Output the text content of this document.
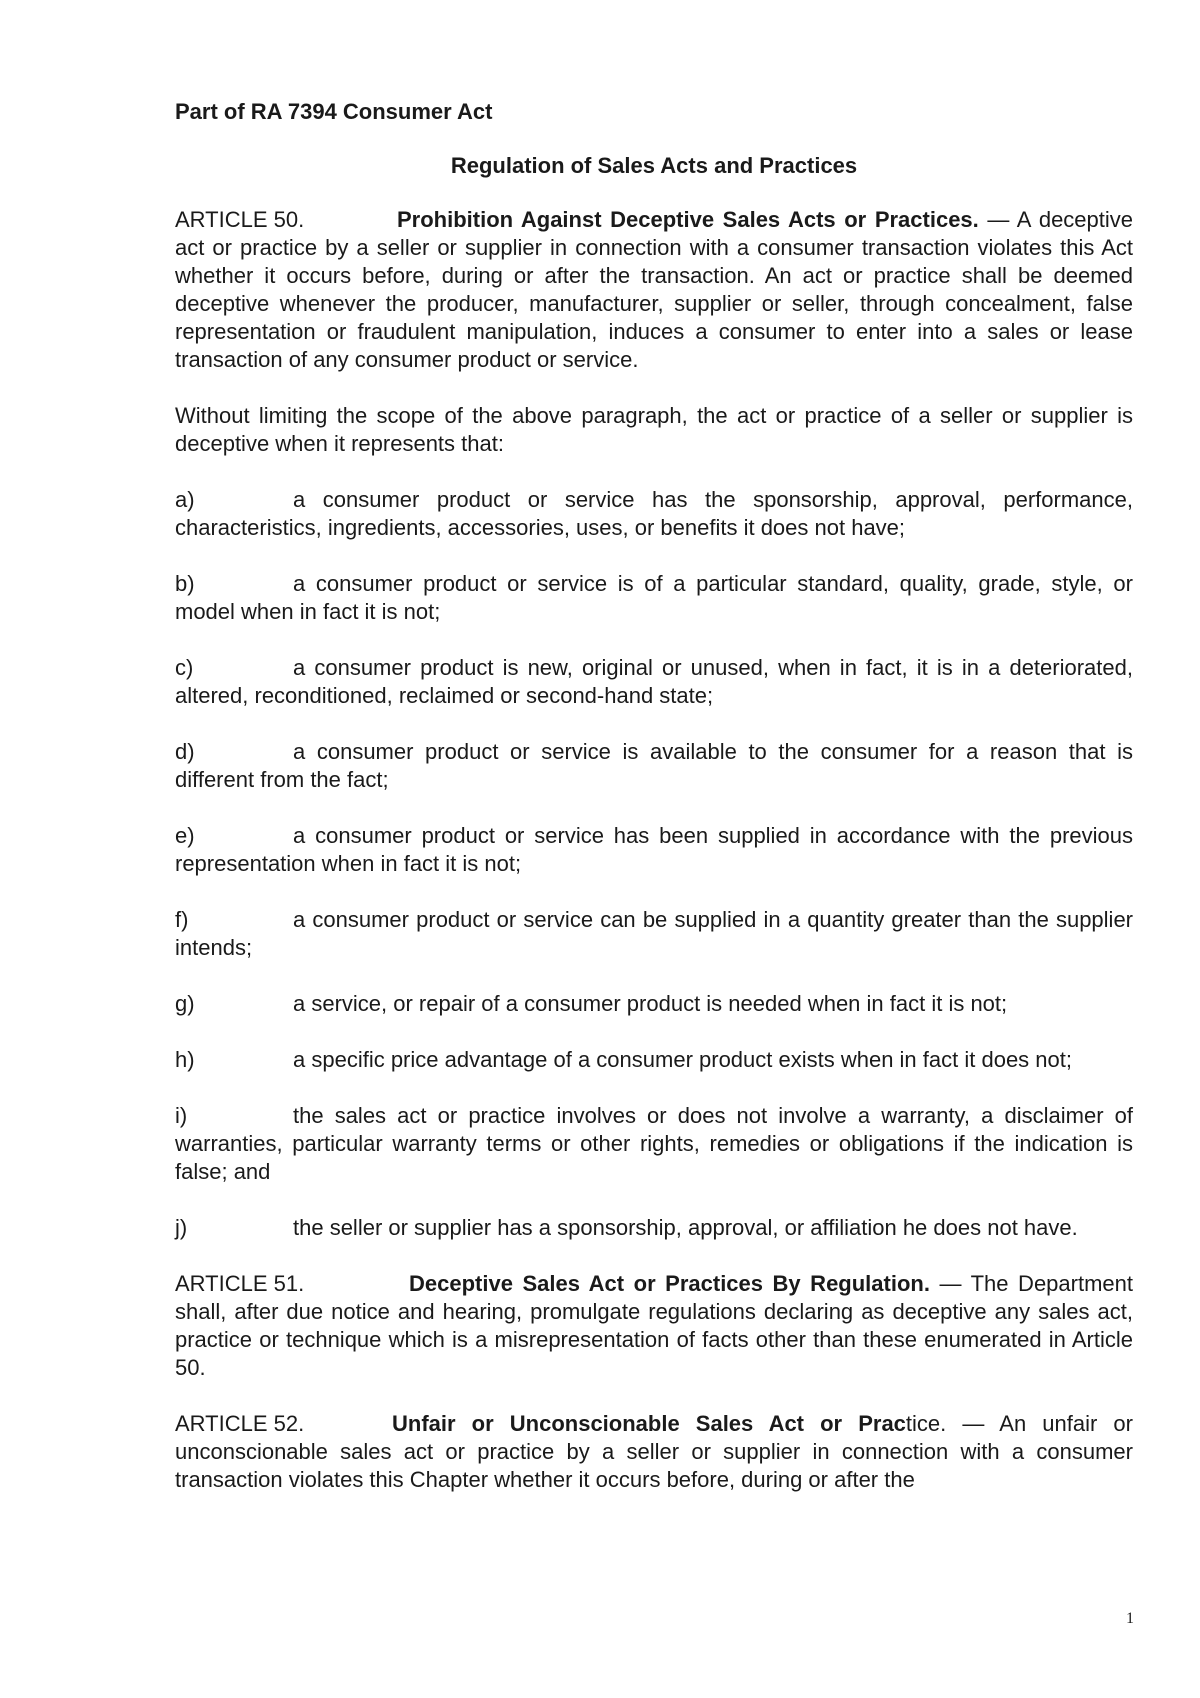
Part of RA 7394 Consumer Act
Regulation of Sales Acts and Practices

ARTICLE 50.	Prohibition Against Deceptive Sales Acts or Practices. — A deceptive act or practice by a seller or supplier in connection with a consumer transaction violates this Act whether it occurs before, during or after the transaction. An act or practice shall be deemed deceptive whenever the producer, manufacturer, supplier or seller, through concealment, false representation or fraudulent manipulation, induces a consumer to enter into a sales or lease transaction of any consumer product or service.

Without limiting the scope of the above paragraph, the act or practice of a seller or supplier is deceptive when it represents that:

a)	a consumer product or service has the sponsorship, approval, performance, characteristics, ingredients, accessories, uses, or benefits it does not have;

b)	a consumer product or service is of a particular standard, quality, grade, style, or model when in fact it is not;

c)	a consumer product is new, original or unused, when in fact, it is in a deteriorated, altered, reconditioned, reclaimed or second-hand state;

d)	a consumer product or service is available to the consumer for a reason that is different from the fact;

e)	a consumer product or service has been supplied in accordance with the previous representation when in fact it is not;

f)	a consumer product or service can be supplied in a quantity greater than the supplier intends;

g)	a service, or repair of a consumer product is needed when in fact it is not;

h)	a specific price advantage of a consumer product exists when in fact it does not;

i)	the sales act or practice involves or does not involve a warranty, a disclaimer of warranties, particular warranty terms or other rights, remedies or obligations if the indication is false; and

j)	the seller or supplier has a sponsorship, approval, or affiliation he does not have.

ARTICLE 51.	Deceptive Sales Act or Practices By Regulation. — The Department shall, after due notice and hearing, promulgate regulations declaring as deceptive any sales act, practice or technique which is a misrepresentation of facts other than these enumerated in Article 50.

ARTICLE 52.	Unfair or Unconscionable Sales Act or Practice. — An unfair or unconscionable sales act or practice by a seller or supplier in connection with a consumer transaction violates this Chapter whether it occurs before, during or after the

1
